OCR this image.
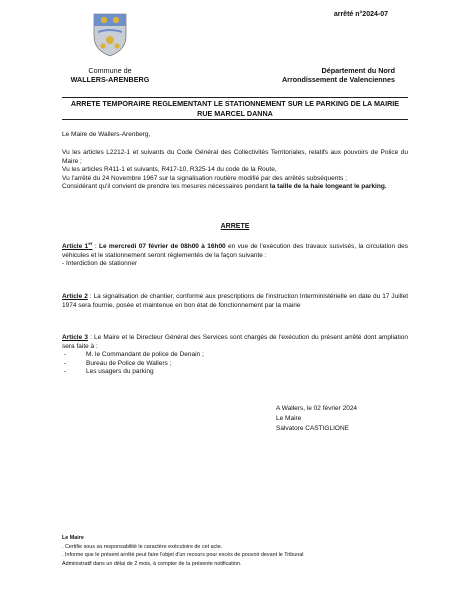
arrêté n°2024-07
Commune de
WALLERS-ARENBERG
Département du Nord
Arrondissement de Valenciennes
ARRETE TEMPORAIRE REGLEMENTANT LE STATIONNEMENT SUR LE PARKING DE LA MAIRIE
RUE MARCEL DANNA
Le Maire de Wallers-Arenberg,
Vu les articles L2212-1 et suivants du Code Général des Collectivités Territoriales, relatifs aux pouvoirs de Police du Maire ;
Vu les articles R411-1 et suivants, R417-10, R325-14 du code de la Route,
Vu l'arrêté du 24 Novembre 1967 sur la signalisation routière modifié par des arrêtés subséquents ;
Considérant qu'il convient de prendre les mesures nécessaires pendant la taille de la haie longeant le parking.
ARRETE
Article 1er : Le mercredi 07 février de 08h00 à 16h00 en vue de l'exécution des travaux susvisés, la circulation des véhicules et le stationnement seront réglementés de la façon suivante :
- Interdiction de stationner
Article 2 : La signalisation de chantier, conforme aux prescriptions de l'instruction Interministérielle en date du 17 Juillet 1974 sera fournie, posée et maintenue en bon état de fonctionnement par la mairie
Article 3 : Le Maire et le Directeur Général des Services sont chargés de l'exécution du présent arrêté dont ampliation sera faite à :
- M. le Commandant de police de Denain ;
- Bureau de Police de Wallers ;
- Les usagers du parking
A Wallers, le 02 février 2024
Le Maire
Salvatore CASTIGLIONE
Le Maire
. Certifie sous sa responsabilité le caractère exécutoire de cet acte.
. Informe que le présent arrêté peut faire l'objet d'un recours pour excès de pouvoir devant le Tribunal
Administratif dans un délai de 2 mois, à compter de la présente notification.
